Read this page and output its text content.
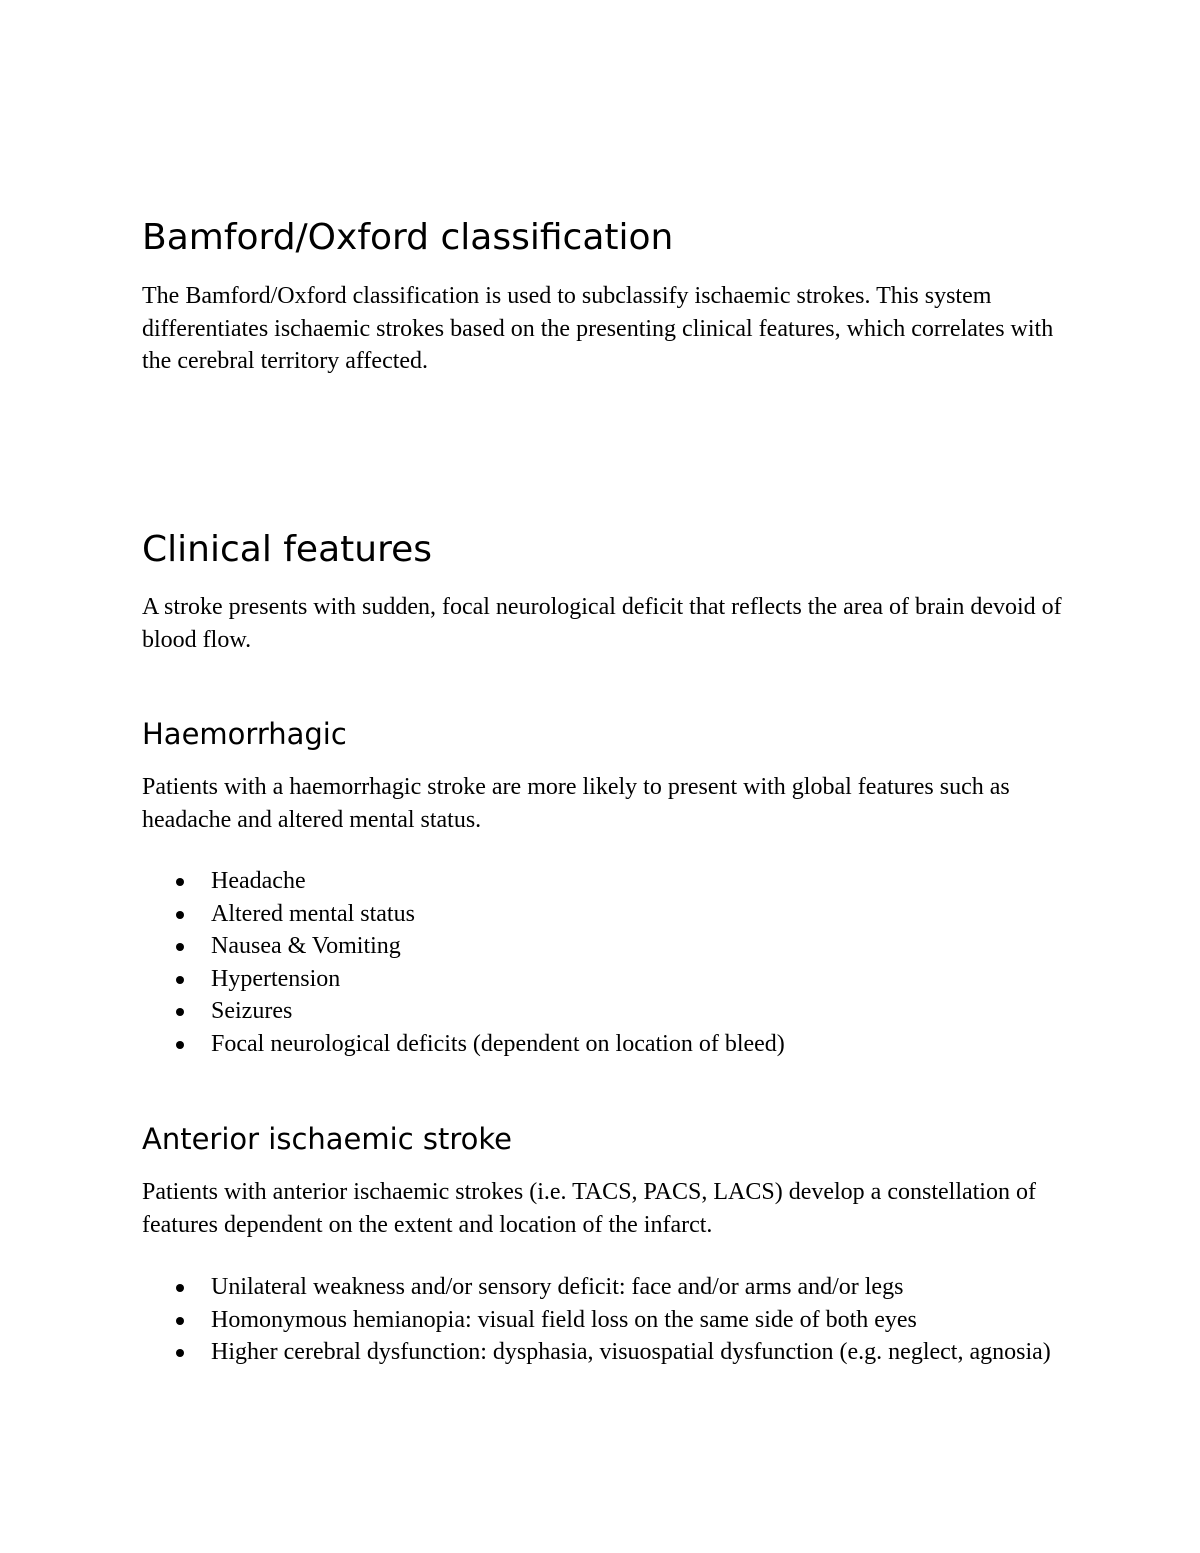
Bamford/Oxford classification

The Bamford/Oxford classification is used to subclassify ischaemic strokes. This system differentiates ischaemic strokes based on the presenting clinical features, which correlates with the cerebral territory affected.

Clinical features

A stroke presents with sudden, focal neurological deficit that reflects the area of brain devoid of blood flow.

Haemorrhagic

Patients with a haemorrhagic stroke are more likely to present with global features such as headache and altered mental status.

Headache
Altered mental status
Nausea & Vomiting
Hypertension
Seizures
Focal neurological deficits (dependent on location of bleed)
Anterior ischaemic stroke

Patients with anterior ischaemic strokes (i.e. TACS, PACS, LACS) develop a constellation of features dependent on the extent and location of the infarct.

Unilateral weakness and/or sensory deficit: face and/or arms and/or legs
Homonymous hemianopia: visual field loss on the same side of both eyes
Higher cerebral dysfunction: dysphasia, visuospatial dysfunction (e.g. neglect, agnosia)
